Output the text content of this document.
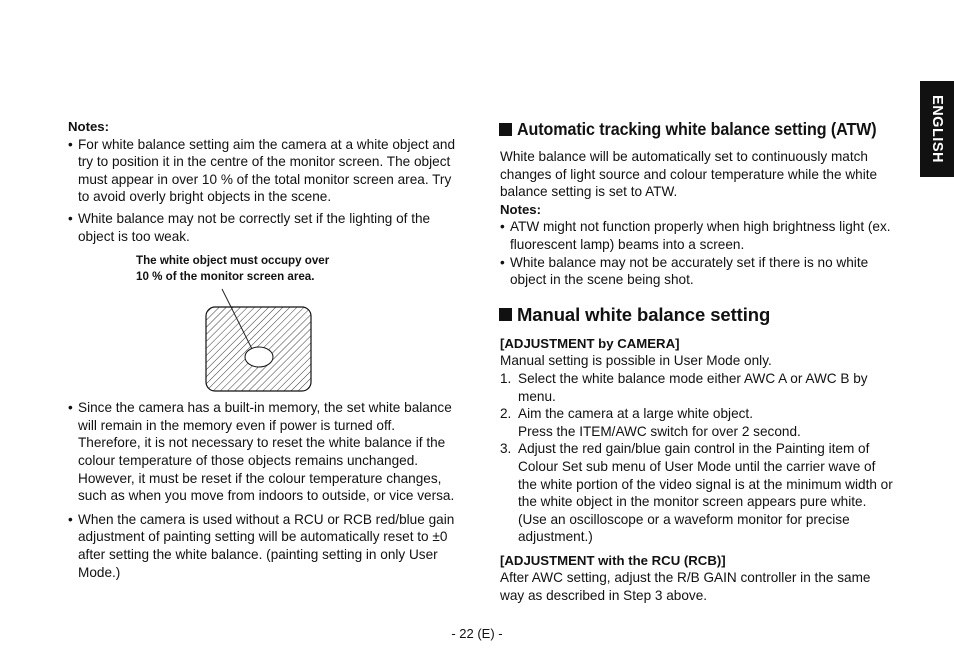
ENGLISH

Notes:

• For white balance setting aim the camera at a white object and try to position it in the centre of the monitor screen. The object must appear in over 10 % of the total monitor screen area. Try to avoid overly bright objects in the scene.
• White balance may not be correctly set if the lighting of the object is too weak.
The white object must occupy over
10 % of the monitor screen area.
• Since the camera has a built-in memory, the set white balance will remain in the memory even if power is turned off. Therefore, it is not necessary to reset the white balance if the colour temperature of those objects remains unchanged. However, it must be reset if the colour temperature changes, such as when you move from indoors to outside, or vice versa.
• When the camera is used without a RCU or RCB red/blue gain adjustment of painting setting will be automatically reset to ±0 after setting the white balance. (painting setting in only User Mode.)
Automatic tracking white balance setting (ATW)

White balance will be automatically set to continuously match changes of light source and colour temperature while the white balance setting is set to ATW.

Notes:

• ATW might not function properly when high brightness light (ex. fluorescent lamp) beams into a screen.
• White balance may not be accurately set if there is no white object in the scene being shot.
Manual white balance setting

[ADJUSTMENT by CAMERA]

Manual setting is possible in User Mode only.

1. Select the white balance mode either AWC A or AWC B by menu.
2. Aim the camera at a large white object.
Press the ITEM/AWC switch for over 2 second.
3. Adjust the red gain/blue gain control in the Painting item of Colour Set sub menu of User Mode until the carrier wave of the white portion of the video signal is at the minimum width or the white object in the monitor screen appears pure white. (Use an oscilloscope or a waveform monitor for precise adjustment.)

[ADJUSTMENT with the RCU (RCB)]

After AWC setting, adjust the R/B GAIN controller in the same way as described in Step 3 above.

- 22 (E) -
